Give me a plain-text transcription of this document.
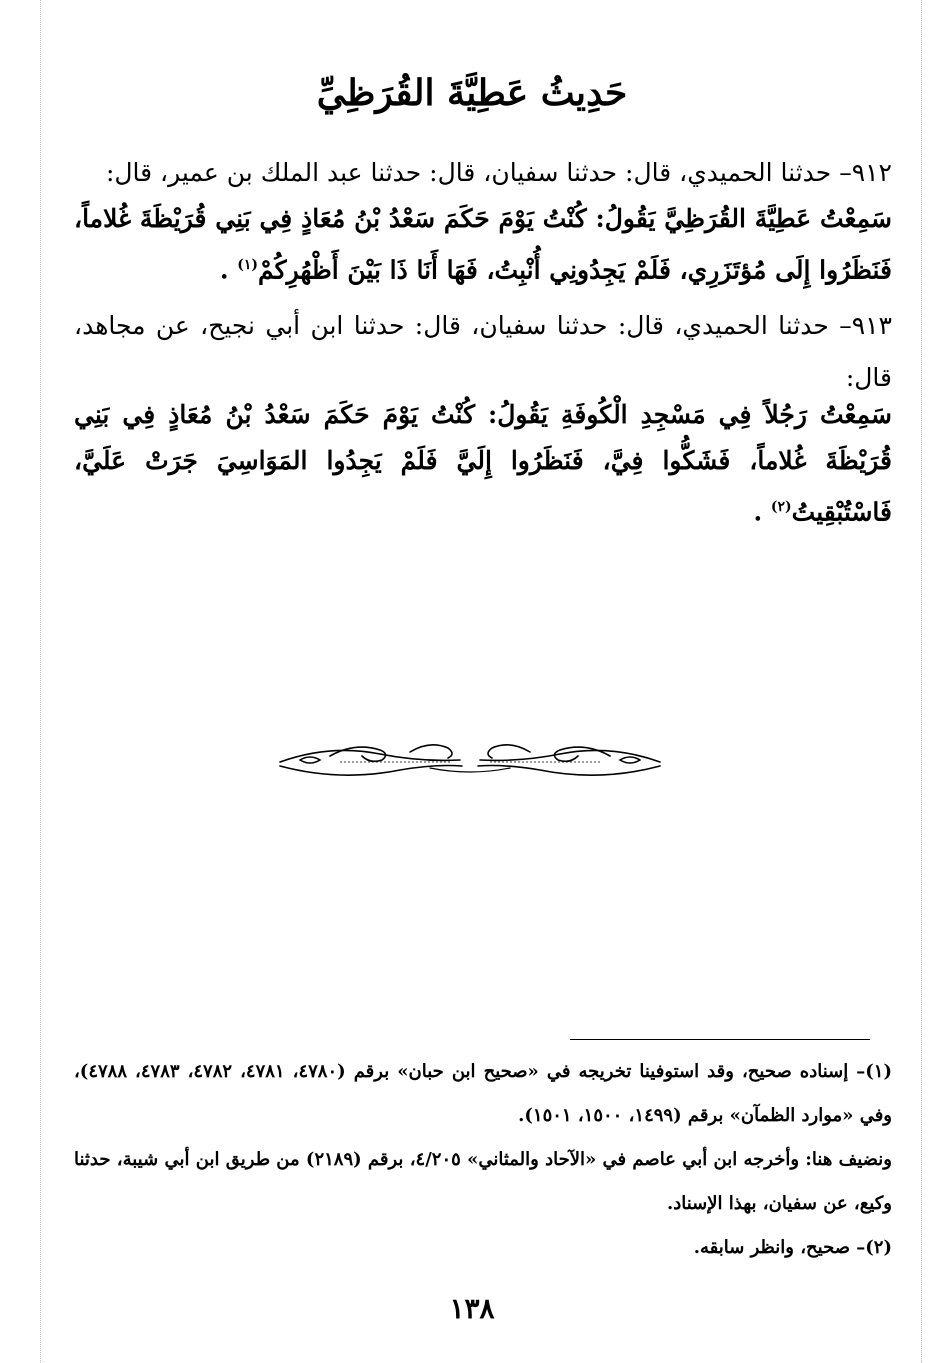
حَدِيثُ عَطِيَّةَ القُرَظِيِّ

٩١٢– حدثنا الحميدي، قال: حدثنا سفيان، قال: حدثنا عبد الملك بن عمير، قال:

سَمِعْتُ عَطِيَّةَ القُرَظِيَّ يَقُولُ: كُنْتُ يَوْمَ حَكَمَ سَعْدُ بْنُ مُعَاذٍ فِي بَنِي قُرَيْظَةَ غُلاماً، فَنَظَرُوا إِلَى مُؤتَزَرِي، فَلَمْ يَجِدُونِي أُنْبِتُ، فَهَا أَنَا ذَا بَيْنَ أَظْهُرِكُمْ$^{(١)}$ .

٩١٣– حدثنا الحميدي، قال: حدثنا سفيان، قال: حدثنا ابن أبي نجيح، عن مجاهد، قال:

سَمِعْتُ رَجُلاً فِي مَسْجِدِ الْكُوفَةِ يَقُولُ: كُنْتُ يَوْمَ حَكَمَ سَعْدُ بْنُ مُعَاذٍ فِي بَنِي قُرَيْظَةَ غُلاماً، فَشَكُّوا فِيَّ، فَنَظَرُوا إِلَيَّ فَلَمْ يَجِدُوا المَوَاسِيَ جَرَتْ عَلَيَّ، فَاسْتُبْقِيتُ$^{(٢)}$ .

(١)– إسناده صحيح، وقد استوفينا تخريجه في «صحيح ابن حبان» برقم (٤٧٨٠، ٤٧٨١، ٤٧٨٢، ٤٧٨٣، ٤٧٨٨)، وفي «موارد الظمآن» برقم (١٤٩٩، ١٥٠٠، ١٥٠١).

ونضيف هنا: وأخرجه ابن أبي عاصم في «الآحاد والمثاني» ٤/٢٠٥، برقم (٢١٨٩) من طريق ابن أبي شيبة، حدثنا وكيع، عن سفيان، بهذا الإسناد.

(٢)– صحيح، وانظر سابقه.

١٣٨
